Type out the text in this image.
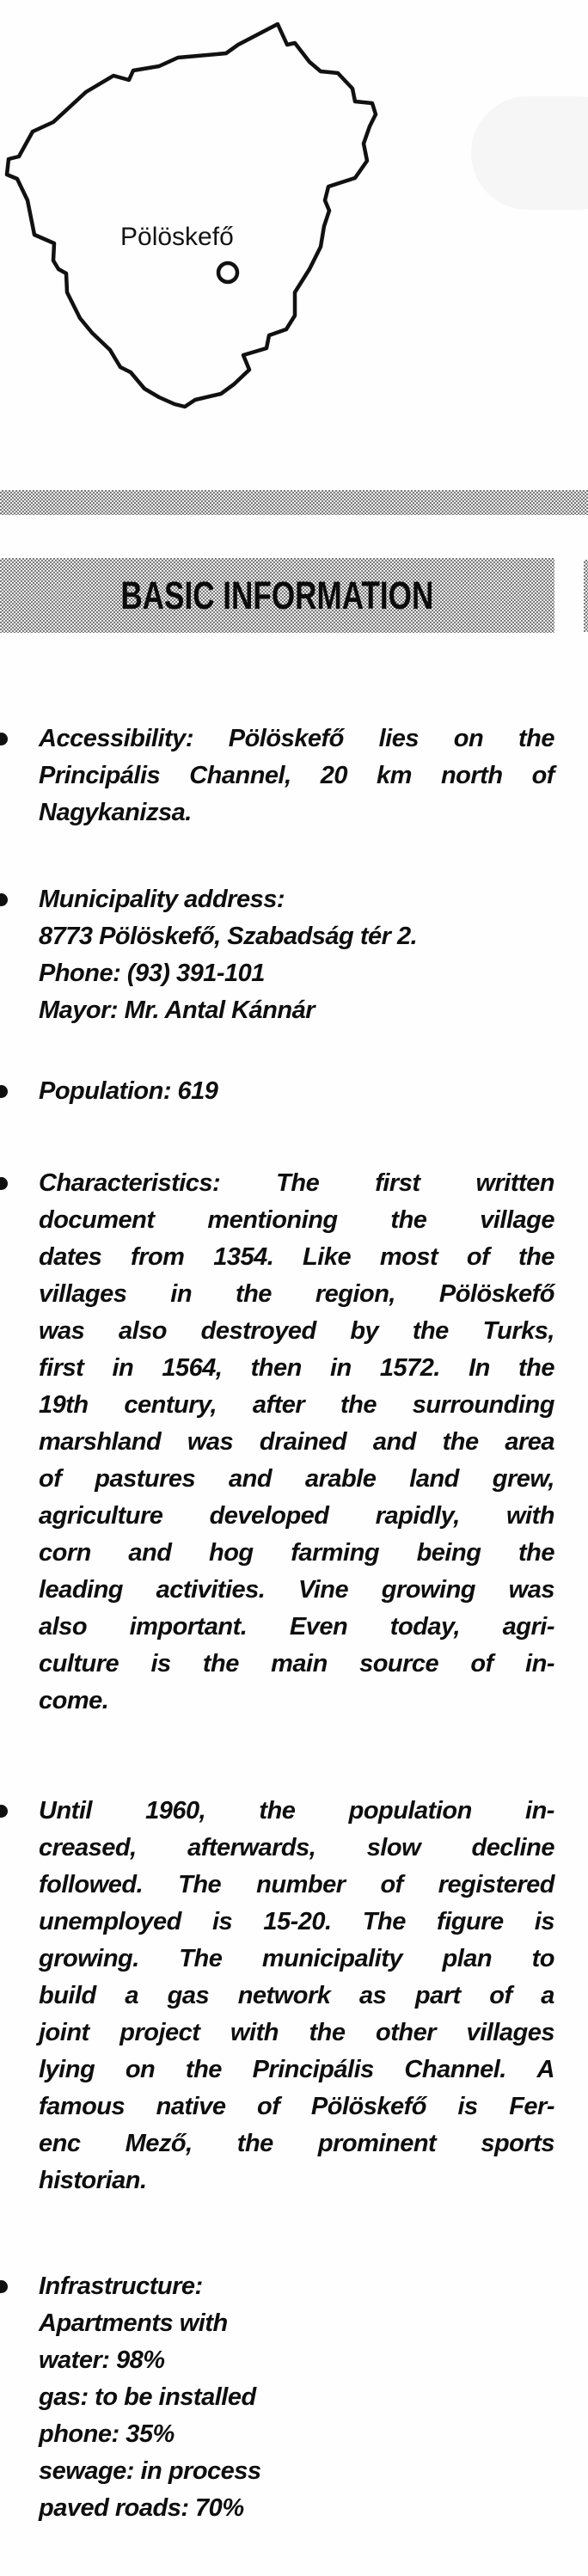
Pölöskefő
BASIC INFORMATION
Accessibility: Pölöskefő lies on the
Principális Channel, 20 km north of
Nagykanizsa.
Municipality address:
8773 Pölöskefő, Szabadság tér 2.
Phone: (93) 391-101
Mayor: Mr. Antal Kánnár
Population: 619
Characteristics: The first written
document mentioning the village
dates from 1354. Like most of the
villages in the region, Pölöskefő
was also destroyed by the Turks,
first in 1564, then in 1572. In the
19th century, after the surrounding
marshland was drained and the area
of pastures and arable land grew,
agriculture developed rapidly, with
corn and hog farming being the
leading activities. Vine growing was
also important. Even today, agri-
culture is the main source of in-
come.
Until 1960, the population in-
creased, afterwards, slow decline
followed. The number of registered
unemployed is 15-20. The figure is
growing. The municipality plan to
build a gas network as part of a
joint project with the other villages
lying on the Principális Channel. A
famous native of Pölöskefő is Fer-
enc Mező, the prominent sports
historian.
Infrastructure:
Apartments with
water: 98%
gas: to be installed
phone: 35%
sewage: in process
paved roads: 70%
